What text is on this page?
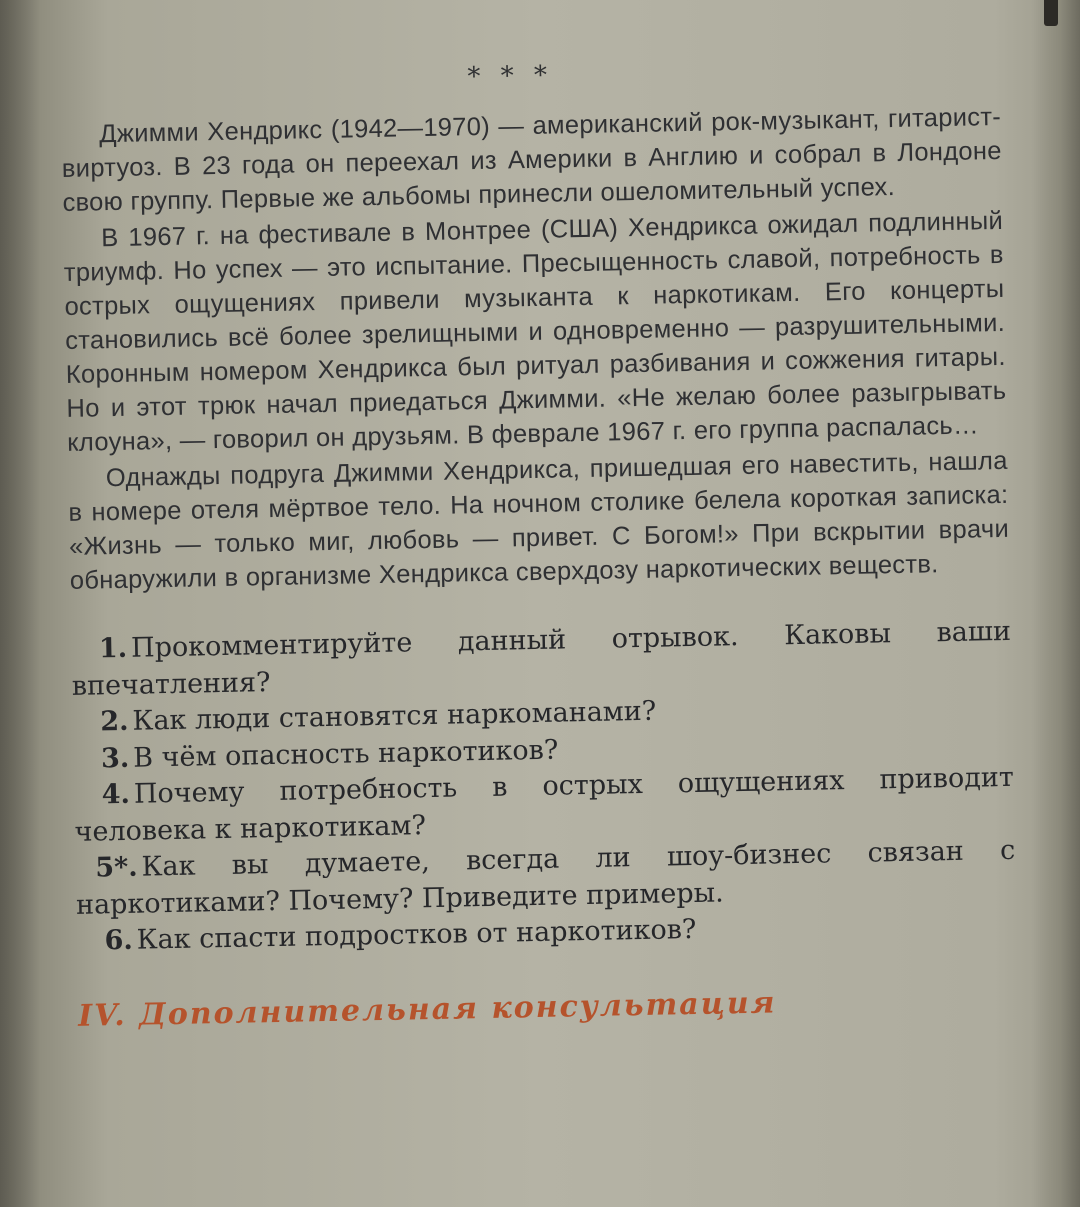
* * *

Джимми Хендрикс (1942—1970) — американский рок-музыкант, гитарист-виртуоз. В 23 года он переехал из Америки в Англию и собрал в Лондоне свою группу. Первые же альбомы принесли ошеломительный успех.

В 1967 г. на фестивале в Монтрее (США) Хендрикса ожидал подлинный триумф. Но успех — это испытание. Пресыщенность славой, потребность в острых ощущениях привели музыканта к наркотикам. Его концерты становились всё более зрелищными и одновременно — разрушительными. Коронным номером Хендрикса был ритуал разбивания и сожжения гитары. Но и этот трюк начал приедаться Джимми. «Не желаю более разыгрывать клоуна», — говорил он друзьям. В феврале 1967 г. его группа распалась…

Однажды подруга Джимми Хендрикса, пришедшая его навестить, нашла в номере отеля мёртвое тело. На ночном столике белела короткая записка: «Жизнь — только миг, любовь — привет. С Богом!» При вскрытии врачи обнаружили в организме Хендрикса сверхдозу наркотических веществ.

1. Прокомментируйте данный отрывок. Каковы ваши впечатления?
2. Как люди становятся наркоманами?
3. В чём опасность наркотиков?
4. Почему потребность в острых ощущениях приводит человека к наркотикам?
5*. Как вы думаете, всегда ли шоу-бизнес связан с наркотиками? Почему? Приведите примеры.
6. Как спасти подростков от наркотиков?
IV. Дополнительная консультация
